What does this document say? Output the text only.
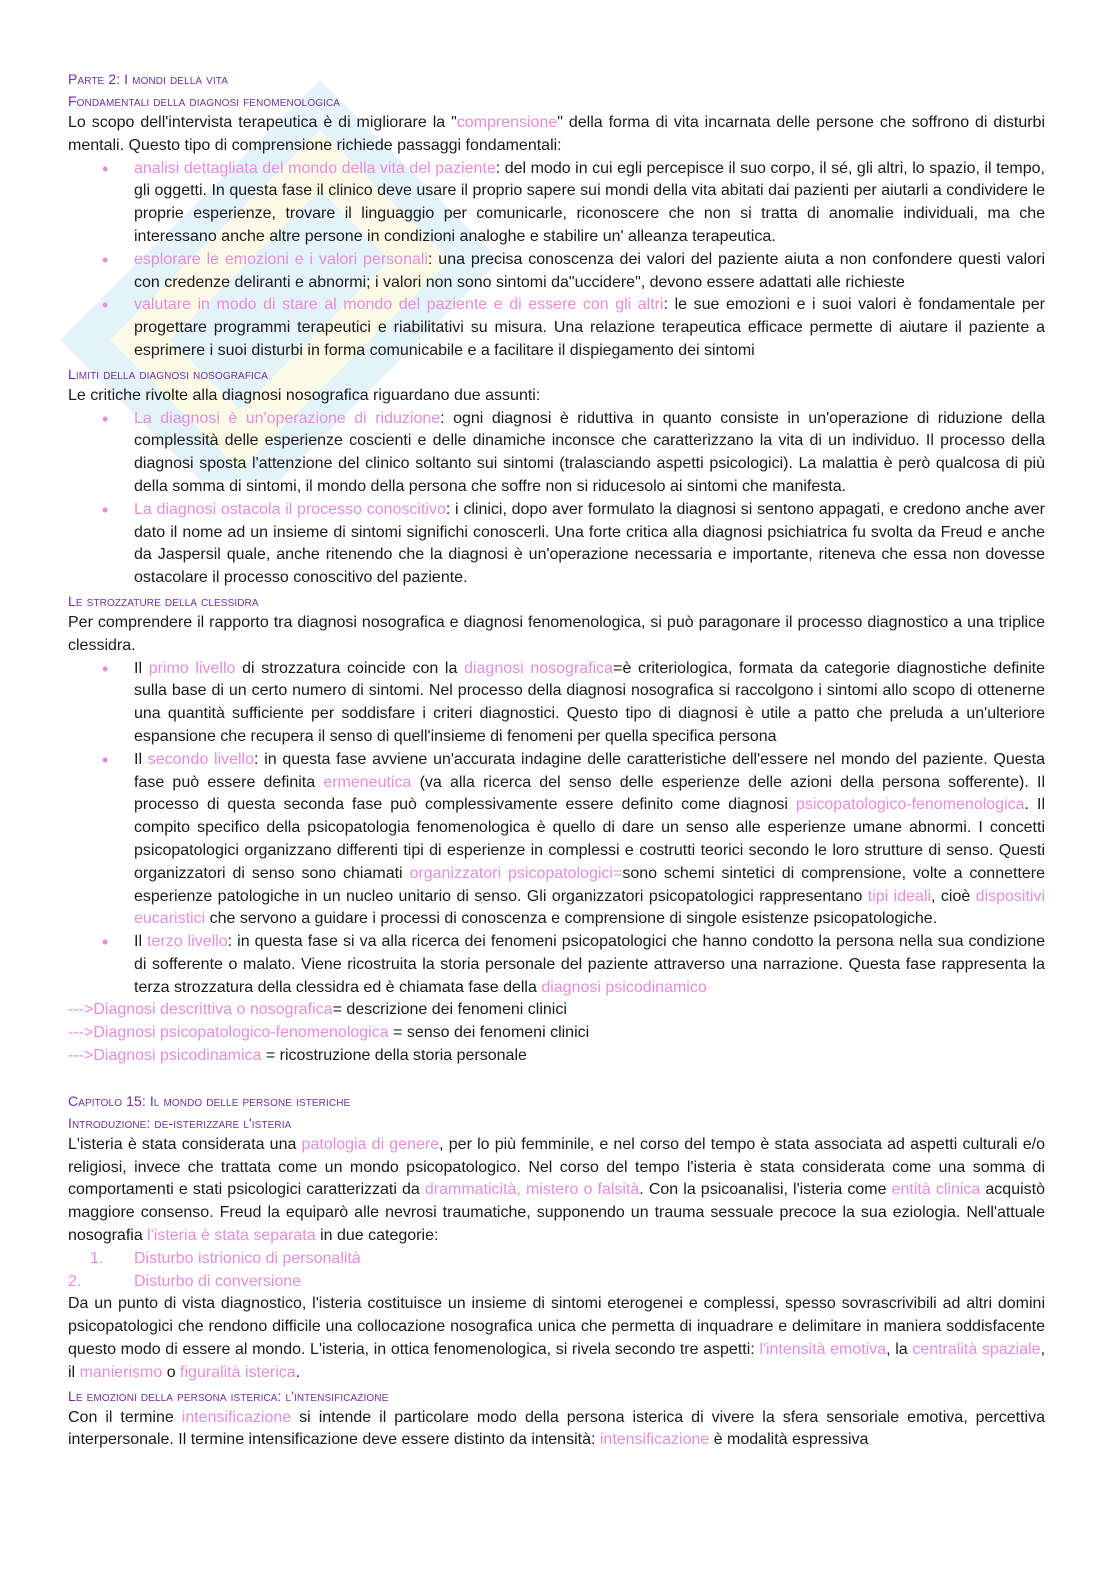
Parte 2: I mondi della vita
Fondamentali della diagnosi fenomenologica

Lo scopo dell'intervista terapeutica è di migliorare la "comprensione" della forma di vita incarnata delle persone che soffrono di disturbi mentali. Questo tipo di comprensione richiede passaggi fondamentali:

• analisi dettagliata del mondo della vita del paziente: del modo in cui egli percepisce il suo corpo, il sé, gli altri, lo spazio, il tempo, gli oggetti. In questa fase il clinico deve usare il proprio sapere sui mondi della vita abitati dai pazienti per aiutarli a condividere le proprie esperienze, trovare il linguaggio per comunicarle, riconoscere che non si tratta di anomalie individuali, ma che interessano anche altre persone in condizioni analoghe e stabilire un' alleanza terapeutica.
• esplorare le emozioni e i valori personali: una precisa conoscenza dei valori del paziente aiuta a non confondere questi valori con credenze deliranti e abnormi; i valori non sono sintomi da"uccidere", devono essere adattati alle richieste
• valutare in modo di stare al mondo del paziente e di essere con gli altri: le sue emozioni e i suoi valori è fondamentale per progettare programmi terapeutici e riabilitativi su misura. Una relazione terapeutica efficace permette di aiutare il paziente a esprimere i suoi disturbi in forma comunicabile e a facilitare il dispiegamento dei sintomi
Limiti della diagnosi nosografica

Le critiche rivolte alla diagnosi nosografica riguardano due assunti:

• La diagnosi è un'operazione di riduzione: ogni diagnosi è riduttiva in quanto consiste in un'operazione di riduzione della complessità delle esperienze coscienti e delle dinamiche inconsce che caratterizzano la vita di un individuo. Il processo della diagnosi sposta l'attenzione del clinico soltanto sui sintomi (tralasciando aspetti psicologici). La malattia è però qualcosa di più della somma di sintomi, il mondo della persona che soffre non si riducesolo ai sintomi che manifesta.
• La diagnosi ostacola il processo conoscitivo: i clinici, dopo aver formulato la diagnosi si sentono appagati, e credono anche aver dato il nome ad un insieme di sintomi significhi conoscerli. Una forte critica alla diagnosi psichiatrica fu svolta da Freud e anche da Jaspersil quale, anche ritenendo che la diagnosi è un'operazione necessaria e importante, riteneva che essa non dovesse ostacolare il processo conoscitivo del paziente.
Le strozzature della clessidra

Per comprendere il rapporto tra diagnosi nosografica e diagnosi fenomenologica, si può paragonare il processo diagnostico a una triplice clessidra.

• Il primo livello di strozzatura coincide con la diagnosi nosografica=è criteriologica, formata da categorie diagnostiche definite sulla base di un certo numero di sintomi. Nel processo della diagnosi nosografica si raccolgono i sintomi allo scopo di ottenerne una quantità sufficiente per soddisfare i criteri diagnostici. Questo tipo di diagnosi è utile a patto che preluda a un'ulteriore espansione che recupera il senso di quell'insieme di fenomeni per quella specifica persona
• Il secondo livello: in questa fase avviene un'accurata indagine delle caratteristiche dell'essere nel mondo del paziente. Questa fase può essere definita ermeneutica (va alla ricerca del senso delle esperienze delle azioni della persona sofferente). Il processo di questa seconda fase può complessivamente essere definito come diagnosi psicopatologico-fenomenologica. Il compito specifico della psicopatologia fenomenologica è quello di dare un senso alle esperienze umane abnormi. I concetti psicopatologici organizzano differenti tipi di esperienze in complessi e costrutti teorici secondo le loro strutture di senso. Questi organizzatori di senso sono chiamati organizzatori psicopatologici=sono schemi sintetici di comprensione, volte a connettere esperienze patologiche in un nucleo unitario di senso. Gli organizzatori psicopatologici rappresentano tipi ideali, cioè dispositivi eucaristici che servono a guidare i processi di conoscenza e comprensione di singole esistenze psicopatologiche.
• Il terzo livello: in questa fase si va alla ricerca dei fenomeni psicopatologici che hanno condotto la persona nella sua condizione di sofferente o malato. Viene ricostruita la storia personale del paziente attraverso una narrazione. Questa fase rappresenta la terza strozzatura della clessidra ed è chiamata fase della diagnosi psicodinamico

--->Diagnosi descrittiva o nosografica= descrizione dei fenomeni clinici

--->Diagnosi psicopatologico-fenomenologica = senso dei fenomeni clinici

--->Diagnosi psicodinamica = ricostruzione della storia personale

Capitolo 15: Il mondo delle persone isteriche
Introduzione: de-isterizzare l'isteria

L'isteria è stata considerata una patologia di genere, per lo più femminile, e nel corso del tempo è stata associata ad aspetti culturali e/o religiosi, invece che trattata come un mondo psicopatologico. Nel corso del tempo l'isteria è stata considerata come una somma di comportamenti e stati psicologici caratterizzati da drammaticità, mistero o falsità. Con la psicoanalisi, l'isteria come entità clinica acquistò maggiore consenso. Freud la equiparò alle nevrosi traumatiche, supponendo un trauma sessuale precoce la sua eziologia. Nell'attuale nosografia l'isteria è stata separata in due categorie:

1. Disturbo istrionico di personalità
2.	Disturbo di conversione

Da un punto di vista diagnostico, l'isteria costituisce un insieme di sintomi eterogenei e complessi, spesso sovrascrivibili ad altri domini psicopatologici che rendono difficile una collocazione nosografica unica che permetta di inquadrare e delimitare in maniera soddisfacente questo modo di essere al mondo. L'isteria, in ottica fenomenologica, si rivela secondo tre aspetti: l'intensità emotiva, la centralità spaziale, il manierismo o figuralità isterica.

Le emozioni della persona isterica: l'intensificazione

Con il termine intensificazione si intende il particolare modo della persona isterica di vivere la sfera sensoriale emotiva, percettiva interpersonale. Il termine intensificazione deve essere distinto da intensità: intensificazione è modalità espressiva
